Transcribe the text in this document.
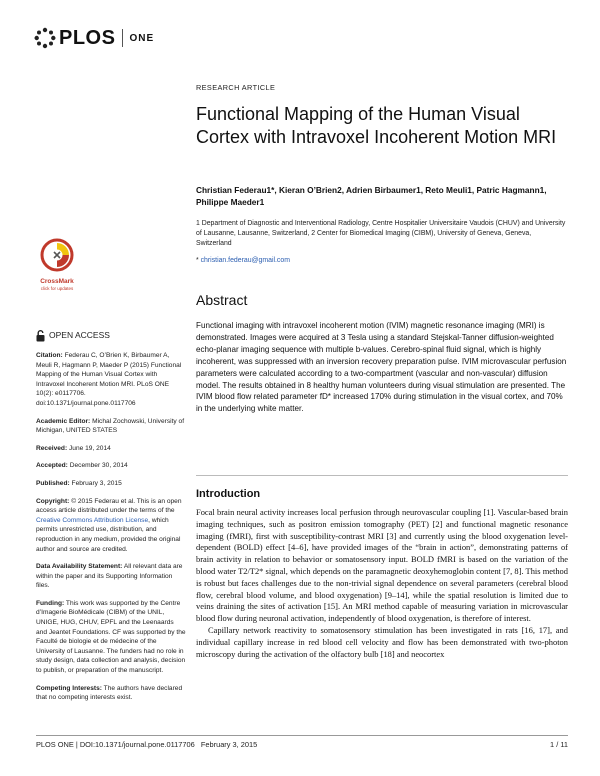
PLOS ONE
CrossMark
click for updates
OPEN ACCESS
Citation: Federau C, O’Brien K, Birbaumer A, Meuli R, Hagmann P, Maeder P (2015) Functional Mapping of the Human Visual Cortex with Intravoxel Incoherent Motion MRI. PLoS ONE 10(2): e0117706. doi:10.1371/journal.pone.0117706
Academic Editor: Michal Zochowski, University of Michigan, UNITED STATES
Received: June 19, 2014
Accepted: December 30, 2014
Published: February 3, 2015
Copyright: © 2015 Federau et al. This is an open access article distributed under the terms of the Creative Commons Attribution License, which permits unrestricted use, distribution, and reproduction in any medium, provided the original author and source are credited.
Data Availability Statement: All relevant data are within the paper and its Supporting Information files.
Funding: This work was supported by the Centre d’Imagerie BioMédicale (CIBM) of the UNIL, UNIGE, HUG, CHUV, EPFL and the Leenaards and Jeantet Foundations. CF was supported by the Faculté de biologie et de médecine of the University of Lausanne. The funders had no role in study design, data collection and analysis, decision to publish, or preparation of the manuscript.
Competing Interests: The authors have declared that no competing interests exist.
RESEARCH ARTICLE
Functional Mapping of the Human Visual Cortex with Intravoxel Incoherent Motion MRI
Christian Federau1*, Kieran O’Brien2, Adrien Birbaumer1, Reto Meuli1, Patric Hagmann1, Philippe Maeder1
1 Department of Diagnostic and Interventional Radiology, Centre Hospitalier Universitaire Vaudois (CHUV) and University of Lausanne, Lausanne, Switzerland, 2 Center for Biomedical Imaging (CIBM), University of Geneva, Geneva, Switzerland
* christian.federau@gmail.com
Abstract
Functional imaging with intravoxel incoherent motion (IVIM) magnetic resonance imaging (MRI) is demonstrated. Images were acquired at 3 Tesla using a standard Stejskal-Tanner diffusion-weighted echo-planar imaging sequence with multiple b-values. Cerebro-spinal fluid signal, which is highly incoherent, was suppressed with an inversion recovery preparation pulse. IVIM microvascular perfusion parameters were calculated according to a two-compartment (vascular and non-vascular) diffusion model. The results obtained in 8 healthy human volunteers during visual stimulation are presented. The IVIM blood flow related parameter fD* increased 170% during stimulation in the visual cortex, and 70% in the underlying white matter.
Introduction

Focal brain neural activity increases local perfusion through neurovascular coupling [1]. Vascular-based brain imaging techniques, such as positron emission tomography (PET) [2] and functional magnetic resonance imaging (fMRI), first with susceptibility-contrast MRI [3] and currently using the blood oxygenation level-dependent (BOLD) effect [4–6], have provided images of the “brain in action”, demonstrating patterns of brain activity in relation to behavior or somatosensory input. BOLD fMRI is based on the variation of the blood water T2/T2* signal, which depends on the paramagnetic deoxyhemoglobin content [7, 8]. This method is robust but faces challenges due to the non-trivial signal dependence on several parameters (cerebral blood flow, cerebral blood volume, and blood oxygenation) [9–14], while the spatial resolution is limited due to veins draining the sites of activation [15]. An MRI method capable of measuring variation in microvascular blood flow during neuronal activation, independently of blood oxygenation, is therefore of interest.

Capillary network reactivity to somatosensory stimulation has been investigated in rats [16, 17], and individual capillary increase in red blood cell velocity and flow has been demonstrated with two-photon microscopy during the activation of the olfactory bulb [18] and neocortex

PLOS ONE | DOI:10.1371/journal.pone.0117706   February 3, 2015	1 / 11
